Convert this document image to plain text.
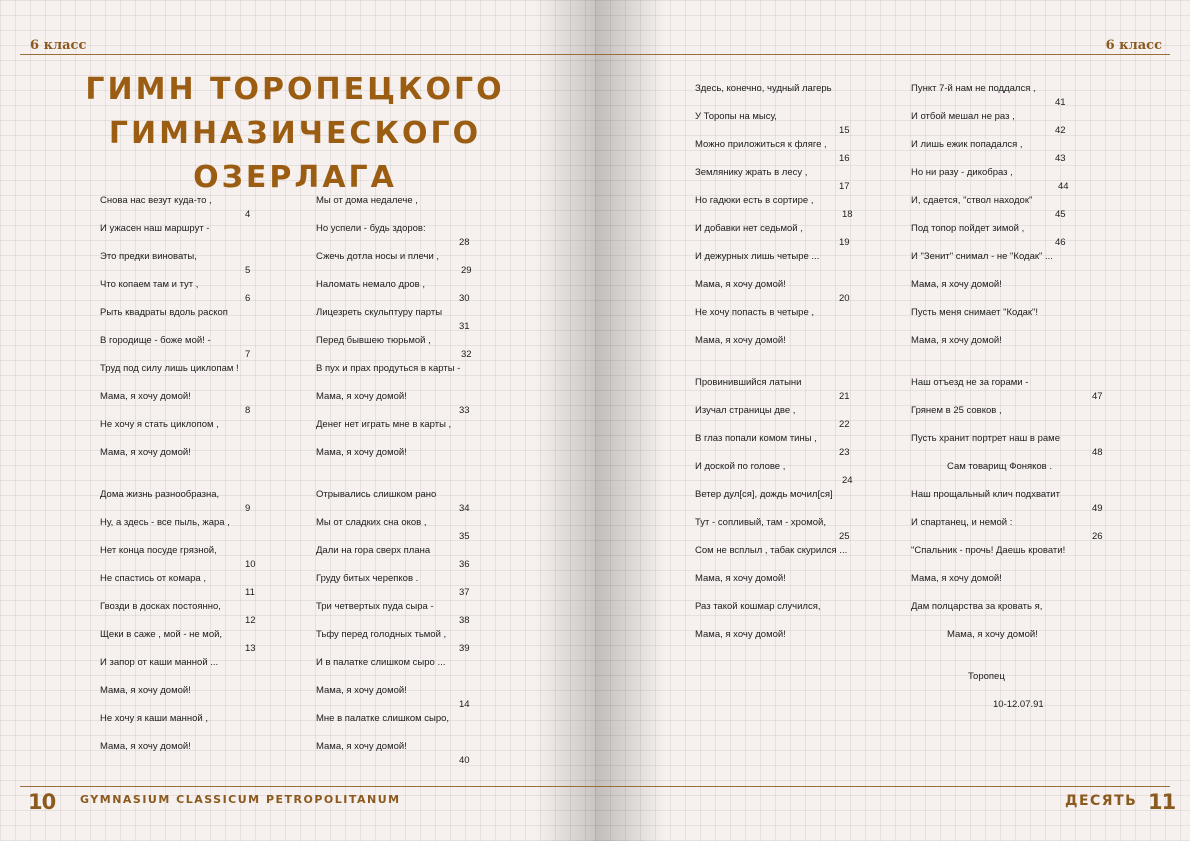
6 класс
ГИМН ТОРОПЕЦКОГО
ГИМНАЗИЧЕСКОГО ОЗЕРЛАГА
Снова нас везут куда-то ,
И ужасен наш маршрут -
Это предки виноваты,
Что копаем там и тут ,
Рыть квадраты вдоль раскоп
В городище - боже мой! -
Труд под силу лишь циклопам !
Мама, я хочу домой!
Не хочу я стать циклопом ,
Мама, я хочу домой!
Дома жизнь разнообразна,
Ну, а здесь - все пыль, жара ,
Нет конца посуде грязной,
Не спастись от комара ,
Гвозди в досках постоянно,
Щеки в саже , мой - не мой,
И запор от каши манной ...
Мама, я хочу домой!
Не хочу я каши манной ,
Мама, я хочу домой!
4
5
6
7
8
9
10
11
12
13
Мы от дома недалече ,
Но успели - будь здоров:
Сжечь дотла носы и плечи ,
Наломать немало дров ,
Лицезреть скульптуру парты
Перед бывшею тюрьмой ,
В пух и прах продуться в карты -
Мама, я хочу домой!
Денег нет играть мне в карты ,
Мама, я хочу домой!
Отрывались слишком рано
Мы от сладких сна оков ,
Дали на гора сверх плана
Груду битых черепков .
Три четвертых пуда сыра -
Тьфу перед голодных тьмой ,
И в палатке слишком сыро ...
Мама, я хочу домой!
Мне в палатке слишком сыро,
Мама, я хочу домой!
28
29
30
31
32
33
34
35
36
37
38
39
14
40
10 GYMNASIUM CLASSICUM PETROPOLITANUM
6 класс
Здесь, конечно, чудный лагерь
У Торопы на мысу,
Можно приложиться к фляге ,
Землянику жрать в лесу ,
Но гадюки есть в сортире ,
И добавки нет седьмой ,
И дежурных лишь четыре ...
Мама, я хочу домой!
Не хочу попасть в четыре ,
Мама, я хочу домой!
Провинившийся латыни
Изучал страницы две ,
В глаз попали комом тины ,
И доской по голове ,
Ветер дул[ся], дождь мочил[ся]
Тут - сопливый, там - хромой,
Сом не всплыл , табак скурился ...
Мама, я хочу домой!
Раз такой кошмар случился,
Мама, я хочу домой!
15
16
17
18
19
20
21
22
23
24
25
Пункт 7-й нам не поддался ,
И отбой мешал не раз ,
И лишь ежик попадался ,
Но ни разу - дикобраз ,
И, сдается, "ствол находок"
Под топор пойдет зимой ,
И "Зенит" снимал - не "Кодак" ...
Мама, я хочу домой!
Пусть меня снимает "Кодак"!
Мама, я хочу домой!
Наш отъезд не за горами -
Грянем в 25 совков ,
Пусть хранит портрет наш в раме
Сам товарищ Фоняков .
Наш прощальный клич подхватит
И спартанец, и немой :
"Спальник - прочь! Даешь кровати!
Мама, я хочу домой!
Дам полцарства за кровать я,
Мама, я хочу домой!
41
42
43
44
45
46
47
48
49
26
Торопец
10-12.07.91
ДЕСЯТЬ 11
